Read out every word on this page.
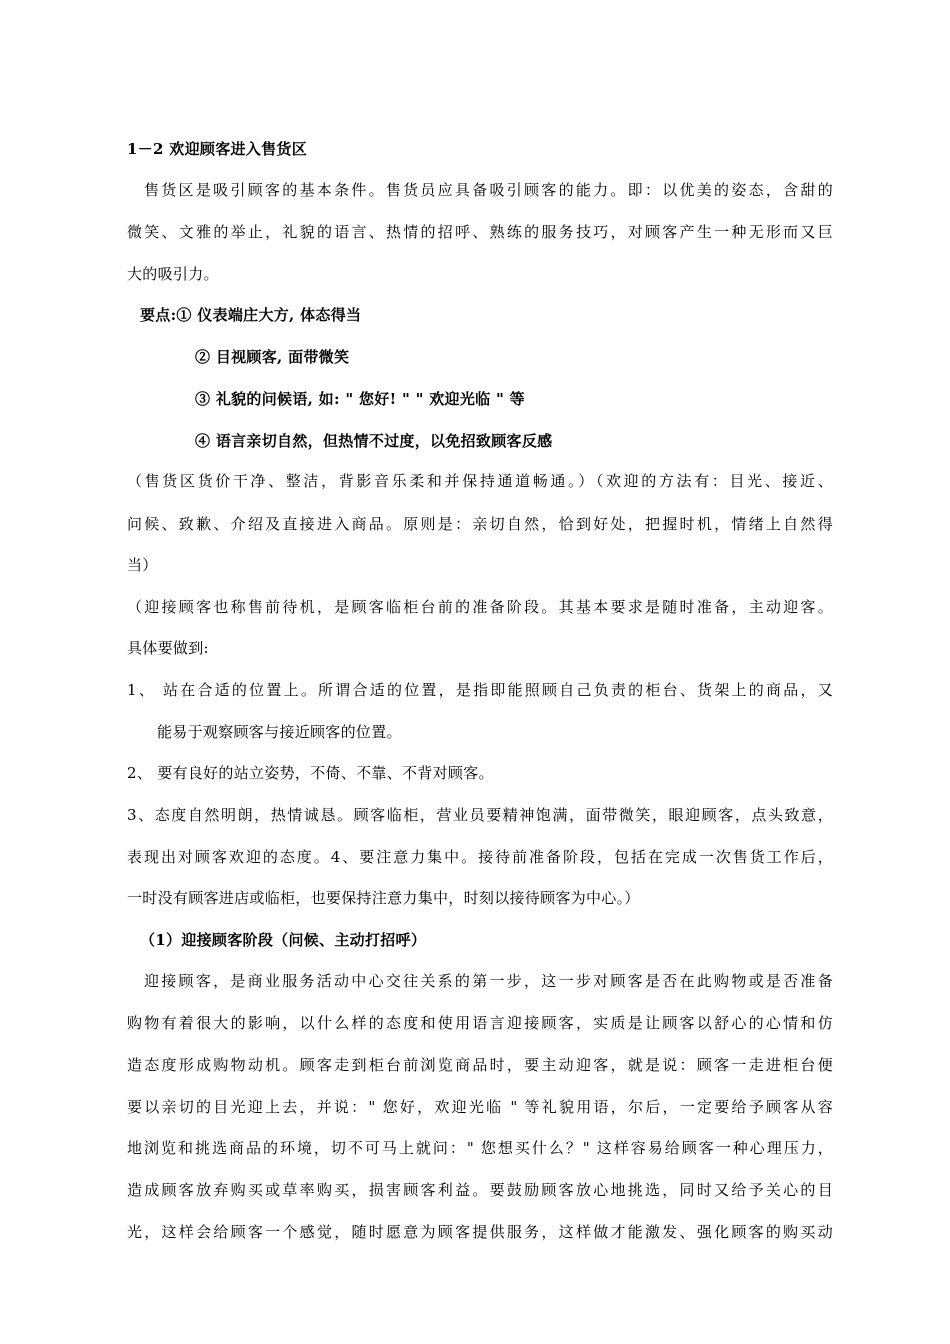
1－2 欢迎顾客进入售货区
售货区是吸引顾客的基本条件。售货员应具备吸引顾客的能力。即：以优美的姿态，含甜的
微笑、文雅的举止，礼貌的语言、热情的招呼、熟练的服务技巧，对顾客产生一种无形而又巨
大的吸引力。
要点:① 仪表端庄大方, 体态得当
② 目视顾客, 面带微笑
③ 礼貌的问候语, 如: " 您好! " " 欢迎光临 " 等
④ 语言亲切自然，但热情不过度，以免招致顾客反感
（售货区货价干净、整洁，背影音乐柔和并保持通道畅通。）（欢迎的方法有：目光、接近、
问候、致歉、介绍及直接进入商品。原则是：亲切自然，恰到好处，把握时机，情绪上自然得
当）
（迎接顾客也称售前待机，是顾客临柜台前的准备阶段。其基本要求是随时准备，主动迎客。
具体要做到:
1、 站在合适的位置上。所谓合适的位置，是指即能照顾自己负责的柜台、货架上的商品，又
能易于观察顾客与接近顾客的位置。
2、 要有良好的站立姿势，不倚、不靠、不背对顾客。
3、态度自然明朗，热情诚恳。顾客临柜，营业员要精神饱满，面带微笑，眼迎顾客，点头致意，
表现出对顾客欢迎的态度。4、要注意力集中。接待前准备阶段，包括在完成一次售货工作后，
一时没有顾客进店或临柜，也要保持注意力集中，时刻以接待顾客为中心。）
（1）迎接顾客阶段（问候、主动打招呼）
迎接顾客，是商业服务活动中心交往关系的第一步，这一步对顾客是否在此购物或是否准备
购物有着很大的影响，以什么样的态度和使用语言迎接顾客，实质是让顾客以舒心的心情和仿
造态度形成购物动机。顾客走到柜台前浏览商品时，要主动迎客，就是说：顾客一走进柜台便
要以亲切的目光迎上去，并说：" 您好，欢迎光临 " 等礼貌用语，尔后，一定要给予顾客从容
地浏览和挑选商品的环境，切不可马上就问：" 您想买什么？" 这样容易给顾客一种心理压力，
造成顾客放弃购买或草率购买，损害顾客利益。要鼓励顾客放心地挑选，同时又给予关心的目
光，这样会给顾客一个感觉，随时愿意为顾客提供服务，这样做才能激发、强化顾客的购买动
